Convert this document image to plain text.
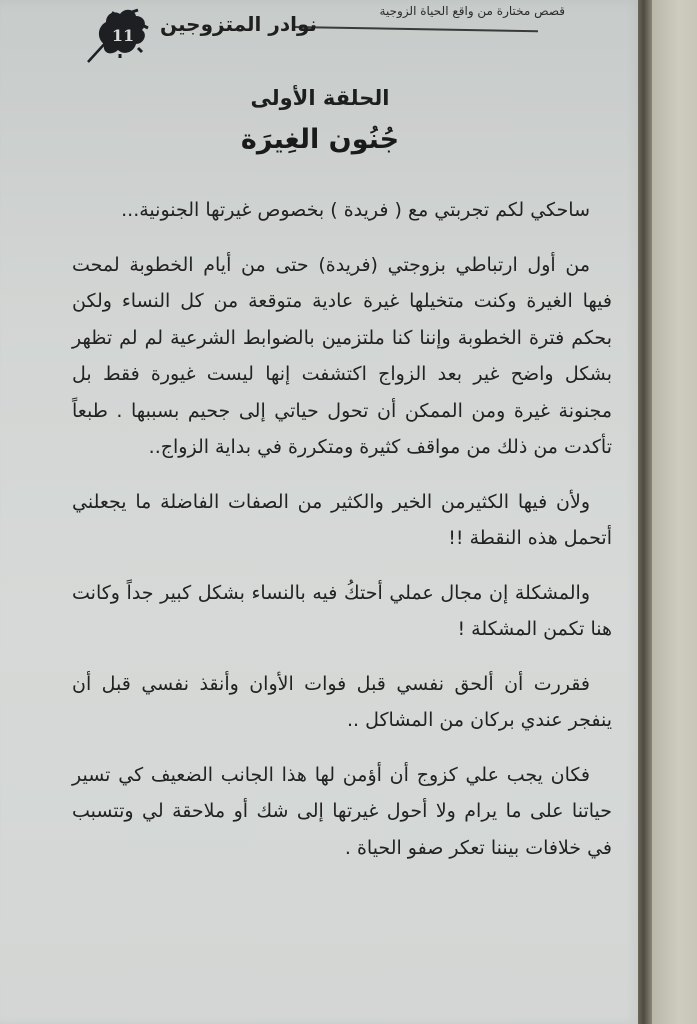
قصص مختارة من واقع الحياة الزوجية
نوادر المتزوجين
11
الحلقة الأولى
جُنُون الغِيرَة

ساحكي لكم تجربتي مع ( فريدة ) بخصوص غيرتها الجنونية...

من أول ارتباطي بزوجتي (فريدة) حتى من أيام الخطوبة لمحت فيها الغيرة وكنت متخيلها غيرة عادية متوقعة من كل النساء ولكن بحكم فترة الخطوبة وإننا كنا ملتزمين بالضوابط الشرعية لم لم تظهر بشكل واضح غير بعد الزواج اكتشفت إنها ليست غيورة فقط بل مجنونة غيرة ومن الممكن أن تحول حياتي إلى جحيم بسببها . طبعاً تأكدت من ذلك من مواقف كثيرة ومتكررة في بداية الزواج..

ولأن فيها الكثيرمن الخير والكثير من الصفات الفاضلة ما يجعلني أتحمل هذه النقطة !!

والمشكلة إن مجال عملي أحتكُ فيه بالنساء بشكل كبير جداً وكانت هنا تكمن المشكلة !

فقررت أن ألحق نفسي قبل فوات الأوان وأنقذ نفسي قبل أن ينفجر عندي بركان من المشاكل ..

فكان يجب علي كزوج أن أؤمن لها هذا الجانب الضعيف كي تسير حياتنا على ما يرام ولا أحول غيرتها إلى شك أو ملاحقة لي وتتسبب في خلافات بيننا تعكر صفو الحياة .
